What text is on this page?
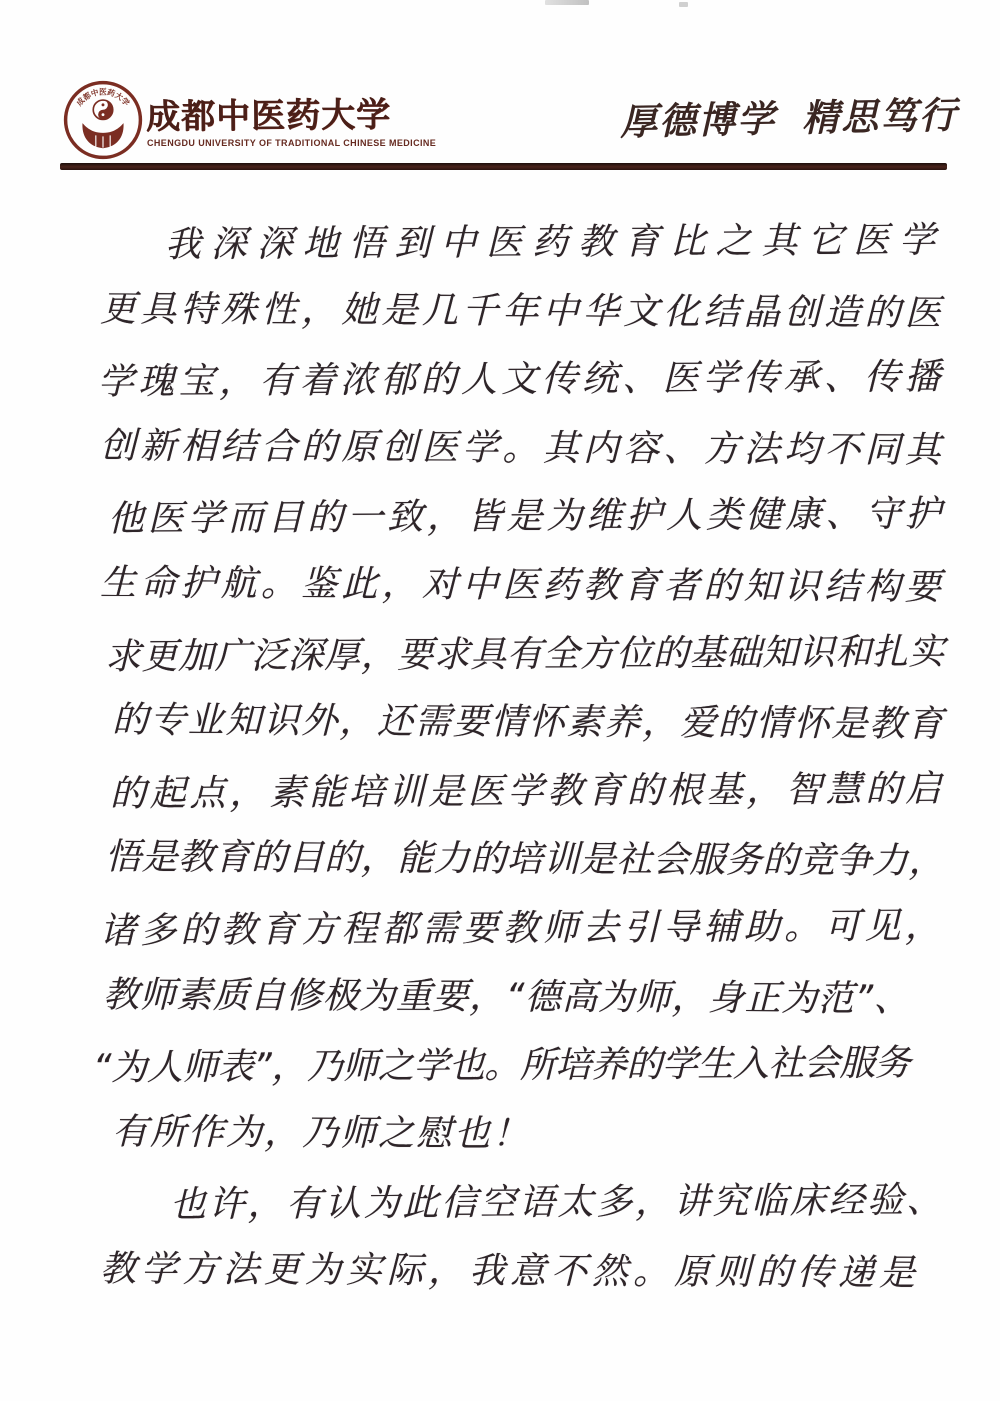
成都中医药大学 成都中医药大学
CHENGDU UNIVERSITY OF TRADITIONAL CHINESE MEDICINE	厚德博学 精思笃行
我深深地悟到中医药教育比之其它医学
更具特殊性，她是几千年中华文化结晶创造的医
学瑰宝，有着浓郁的人文传统、医学传承、传播
创新相结合的原创医学。其内容、方法均不同其
他医学而目的一致，皆是为维护人类健康、守护
生命护航。鉴此，对中医药教育者的知识结构要
求更加广泛深厚，要求具有全方位的基础知识和扎实
的专业知识外，还需要情怀素养，爱的情怀是教育
的起点，素能培训是医学教育的根基，智慧的启
悟是教育的目的，能力的培训是社会服务的竞争力，
诸多的教育方程都需要教师去引导辅助。可见，
教师素质自修极为重要，“德高为师，身正为范”、
“为人师表”，乃师之学也。所培养的学生入社会服务
有所作为，乃师之慰也！
也许，有认为此信空语太多，讲究临床经验、
教学方法更为实际，我意不然。原则的传递是
